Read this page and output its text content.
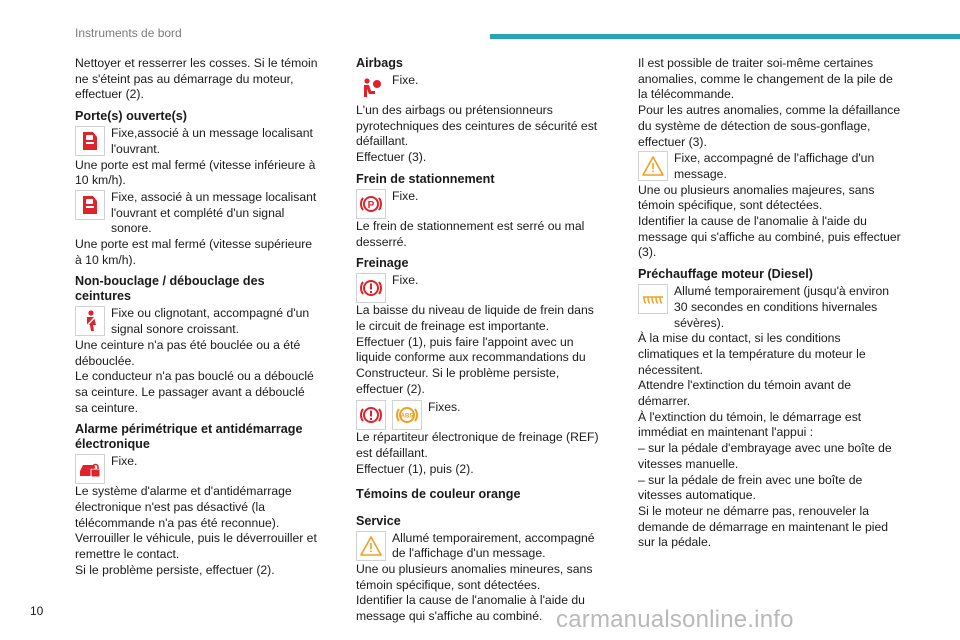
Instruments de bord

Nettoyer et resserrer les cosses. Si le témoin ne s'éteint pas au démarrage du moteur, effectuer (2).

Porte(s) ouverte(s)

Fixe,associé à un message localisant l'ouvrant.

Une porte est mal fermé (vitesse inférieure à 10 km/h).

Fixe, associé à un message localisant l'ouvrant et complété d'un signal sonore.

Une porte est mal fermé (vitesse supérieure à 10 km/h).

Non-bouclage / débouclage des ceintures

Fixe ou clignotant, accompagné d'un signal sonore croissant.

Une ceinture n'a pas été bouclée ou a été débouclée.

Le conducteur n'a pas bouclé ou a débouclé sa ceinture. Le passager avant a débouclé sa ceinture.

Alarme périmétrique et antidémarrage électronique

Fixe.

Le système d'alarme et d'antidémarrage électronique n'est pas désactivé (la télécommande n'a pas été reconnue).

Verrouiller le véhicule, puis le déverrouiller et remettre le contact.

Si le problème persiste, effectuer (2).

Airbags

Fixe.

L'un des airbags ou prétensionneurs pyrotechniques des ceintures de sécurité est défaillant.

Effectuer (3).

Frein de stationnement
P

Fixe.

Le frein de stationnement est serré ou mal desserré.

Freinage

Fixe.

La baisse du niveau de liquide de frein dans le circuit de freinage est importante.

Effectuer (1), puis faire l'appoint avec un liquide conforme aux recommandations du Constructeur. Si le problème persiste, effectuer (2).

ABS

Fixes.

Le répartiteur électronique de freinage (REF) est défaillant.

Effectuer (1), puis (2).

Témoins de couleur orange
Service

Allumé temporairement, accompagné de l'affichage d'un message.

Une ou plusieurs anomalies mineures, sans témoin spécifique, sont détectées.

Identifier la cause de l'anomalie à l'aide du message qui s'affiche au combiné.

Il est possible de traiter soi-même certaines anomalies, comme le changement de la pile de la télécommande.

Pour les autres anomalies, comme la défaillance du système de détection de sous-gonflage, effectuer (3).

Fixe, accompagné de l'affichage d'un message.

Une ou plusieurs anomalies majeures, sans témoin spécifique, sont détectées.

Identifier la cause de l'anomalie à l'aide du message qui s'affiche au combiné, puis effectuer (3).

Préchauffage moteur (Diesel)

Allumé temporairement (jusqu'à environ 30 secondes en conditions hivernales sévères).

À la mise du contact, si les conditions climatiques et la température du moteur le nécessitent.

Attendre l'extinction du témoin avant de démarrer.

À l'extinction du témoin, le démarrage est immédiat en maintenant l'appui :

– sur la pédale d'embrayage avec une boîte de vitesses manuelle.

– sur la pédale de frein avec une boîte de vitesses automatique.

Si le moteur ne démarre pas, renouveler la demande de démarrage en maintenant le pied sur la pédale.

10	carmanualsonline.info
